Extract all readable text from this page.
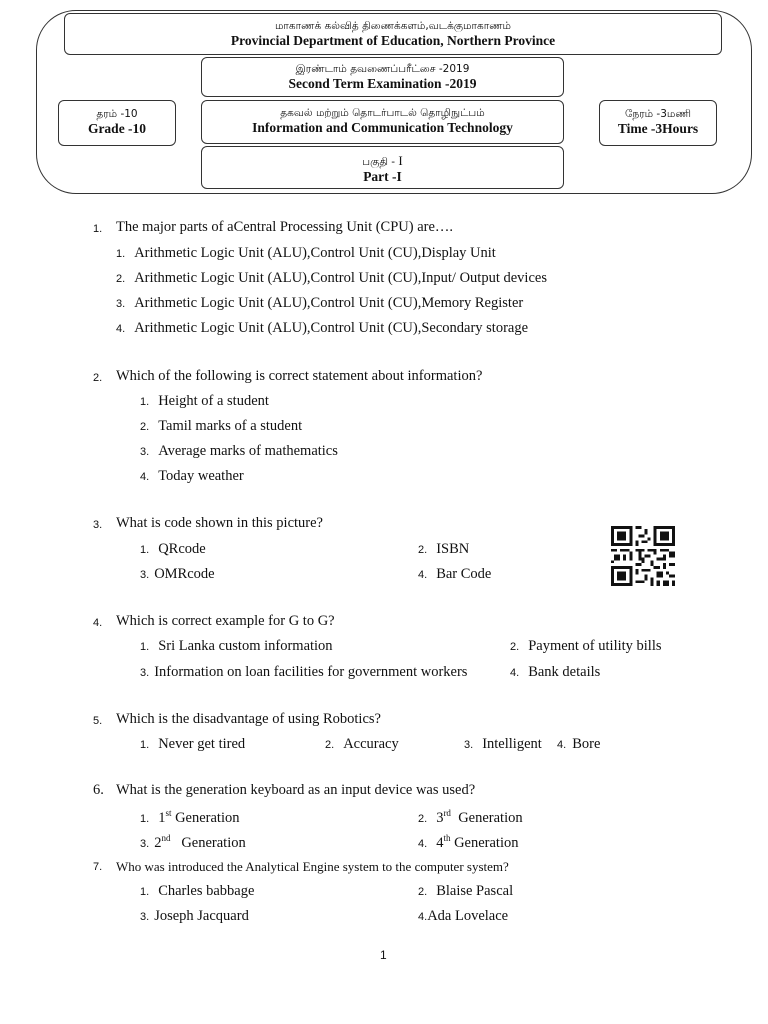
மாகாணக் கல்வித் திணைக்களம்,வடக்குமாகாணம்
Provincial Department of Education, Northern Province
இரண்டாம் தவணைப்பரீட்சை -2019
Second Term Examination -2019
தரம் -10
Grade -10
தகவல் மற்றும் தொடர்பாடல் தொழிநுட்பம்
Information and Communication Technology
நேரம் -3மணி
Time -3Hours
பகுதி - I
Part -I
1. The major parts of aCentral Processing Unit (CPU) are….
1. Arithmetic Logic Unit (ALU),Control Unit (CU),Display Unit
2. Arithmetic Logic Unit (ALU),Control Unit (CU),Input/ Output devices
3. Arithmetic Logic Unit (ALU),Control Unit (CU),Memory Register
4. Arithmetic Logic Unit (ALU),Control Unit (CU),Secondary storage
2. Which of the following is correct statement about information?
1. Height of a student
2. Tamil marks of a student
3. Average marks of mathematics
4. Today weather
3. What is code shown in this picture?
1. QRcode	2. ISBN
3. OMRcode	4. Bar Code
4. Which is correct example for G to G?
1. Sri Lanka custom information	2. Payment of utility bills
3. Information on loan facilities for government workers	4. Bank details
5. Which is the disadvantage of using Robotics?
1. Never get tired	2. Accuracy	3. Intelligent 4. Bore
6. What is the generation keyboard as an input device was used?
1. 1st Generation	2. 3rd Generation
3. 2nd Generation	4. 4th Generation
7. Who was introduced the Analytical Engine system to the computer system?
1. Charles babbage	2. Blaise Pascal
3. Joseph Jacquard	4.Ada Lovelace
1
